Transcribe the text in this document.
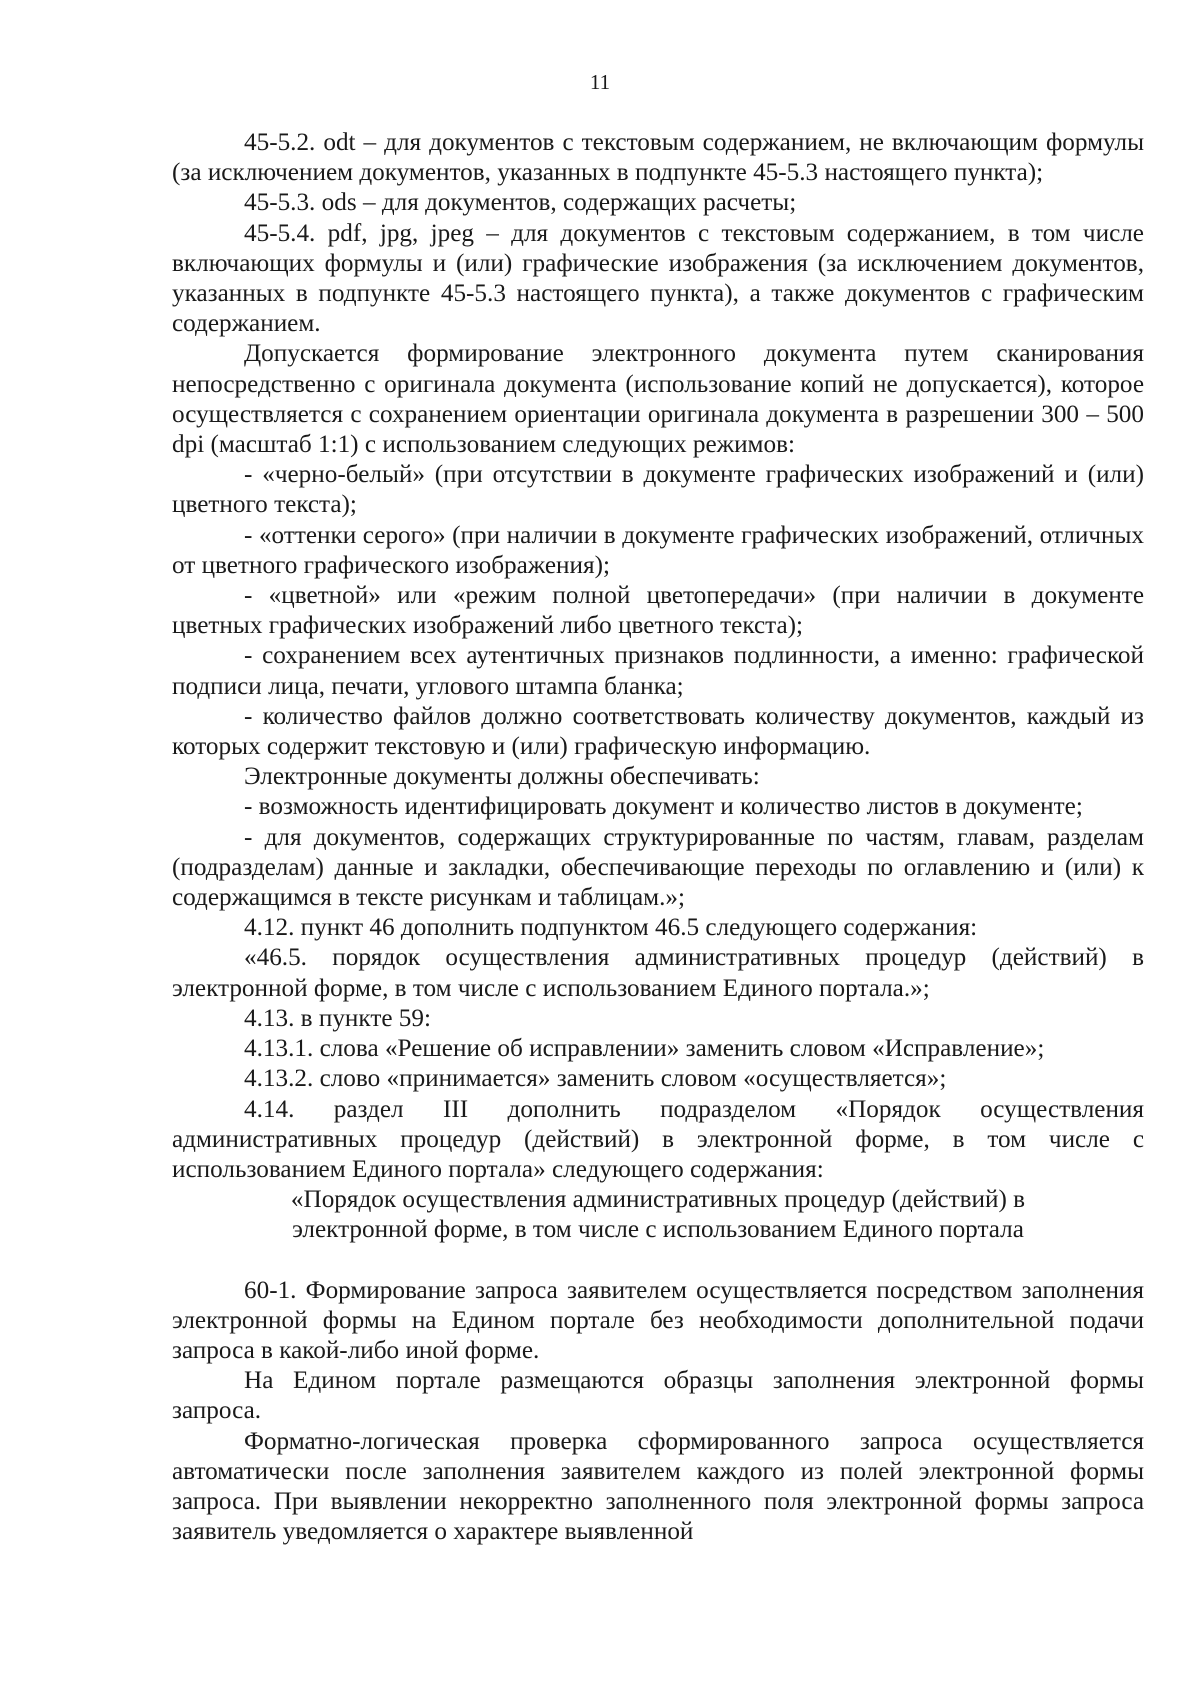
11

45-5.2. odt – для документов с текстовым содержанием, не включающим формулы (за исключением документов, указанных в подпункте 45-5.3 настоящего пункта);

45-5.3. ods – для документов, содержащих расчеты;

45-5.4. pdf, jpg, jpeg – для документов с текстовым содержанием, в том числе включающих формулы и (или) графические изображения (за исключением документов, указанных в подпункте 45-5.3 настоящего пункта), а также документов с графическим содержанием.

Допускается формирование электронного документа путем сканирования непосредственно с оригинала документа (использование копий не допускается), которое осуществляется с сохранением ориентации оригинала документа в разрешении 300 – 500 dpi (масштаб 1:1) с использованием следующих режимов:

- «черно-белый» (при отсутствии в документе графических изображений и (или) цветного текста);

- «оттенки серого» (при наличии в документе графических изображений, отличных от цветного графического изображения);

- «цветной» или «режим полной цветопередачи» (при наличии в документе цветных графических изображений либо цветного текста);

- сохранением всех аутентичных признаков подлинности, а именно: графической подписи лица, печати, углового штампа бланка;

- количество файлов должно соответствовать количеству документов, каждый из которых содержит текстовую и (или) графическую информацию.

Электронные документы должны обеспечивать:

- возможность идентифицировать документ и количество листов в документе;

- для документов, содержащих структурированные по частям, главам, разделам (подразделам) данные и закладки, обеспечивающие переходы по оглавлению и (или) к содержащимся в тексте рисункам и таблицам.»;

4.12. пункт 46 дополнить подпунктом 46.5 следующего содержания:

«46.5. порядок осуществления административных процедур (действий) в электронной форме, в том числе с использованием Единого портала.»;

4.13. в пункте 59:

4.13.1. слова «Решение об исправлении» заменить словом «Исправление»;

4.13.2. слово «принимается» заменить словом «осуществляется»;

4.14. раздел III дополнить подразделом «Порядок осуществления административных процедур (действий) в электронной форме, в том числе с использованием Единого портала» следующего содержания:

«Порядок осуществления административных процедур (действий) в

электронной форме, в том числе с использованием Единого портала

60-1. Формирование запроса заявителем осуществляется посредством заполнения электронной формы на Едином портале без необходимости дополнительной подачи запроса в какой-либо иной форме.

На Едином портале размещаются образцы заполнения электронной формы запроса.

Форматно-логическая проверка сформированного запроса осуществляется автоматически после заполнения заявителем каждого из полей электронной формы запроса. При выявлении некорректно заполненного поля электронной формы запроса заявитель уведомляется о характере выявленной
